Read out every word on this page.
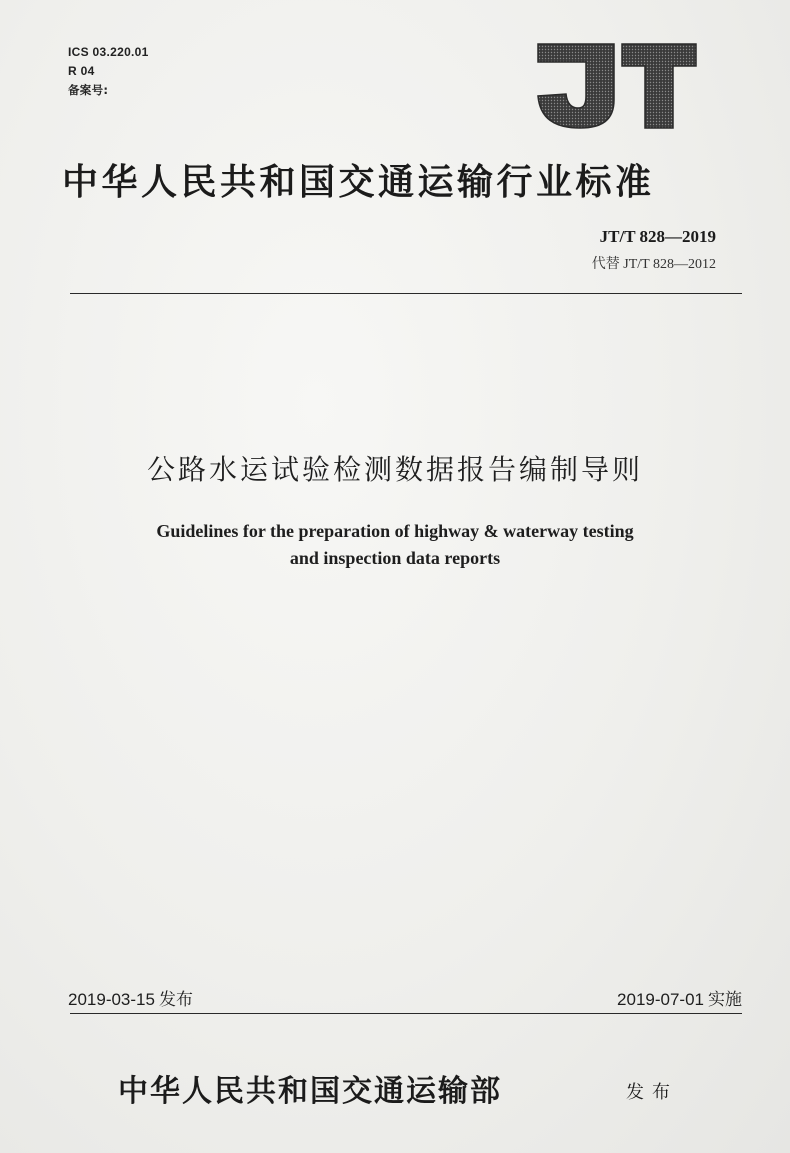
ICS 03.220.01
R 04
备案号:
中华人民共和国交通运输行业标准
JT/T 828—2019
代替 JT/T 828—2012
公路水运试验检测数据报告编制导则
Guidelines for the preparation of highway & waterway testing
and inspection data reports
2019-03-15 发布	2019-07-01 实施
中华人民共和国交通运输部	发布
